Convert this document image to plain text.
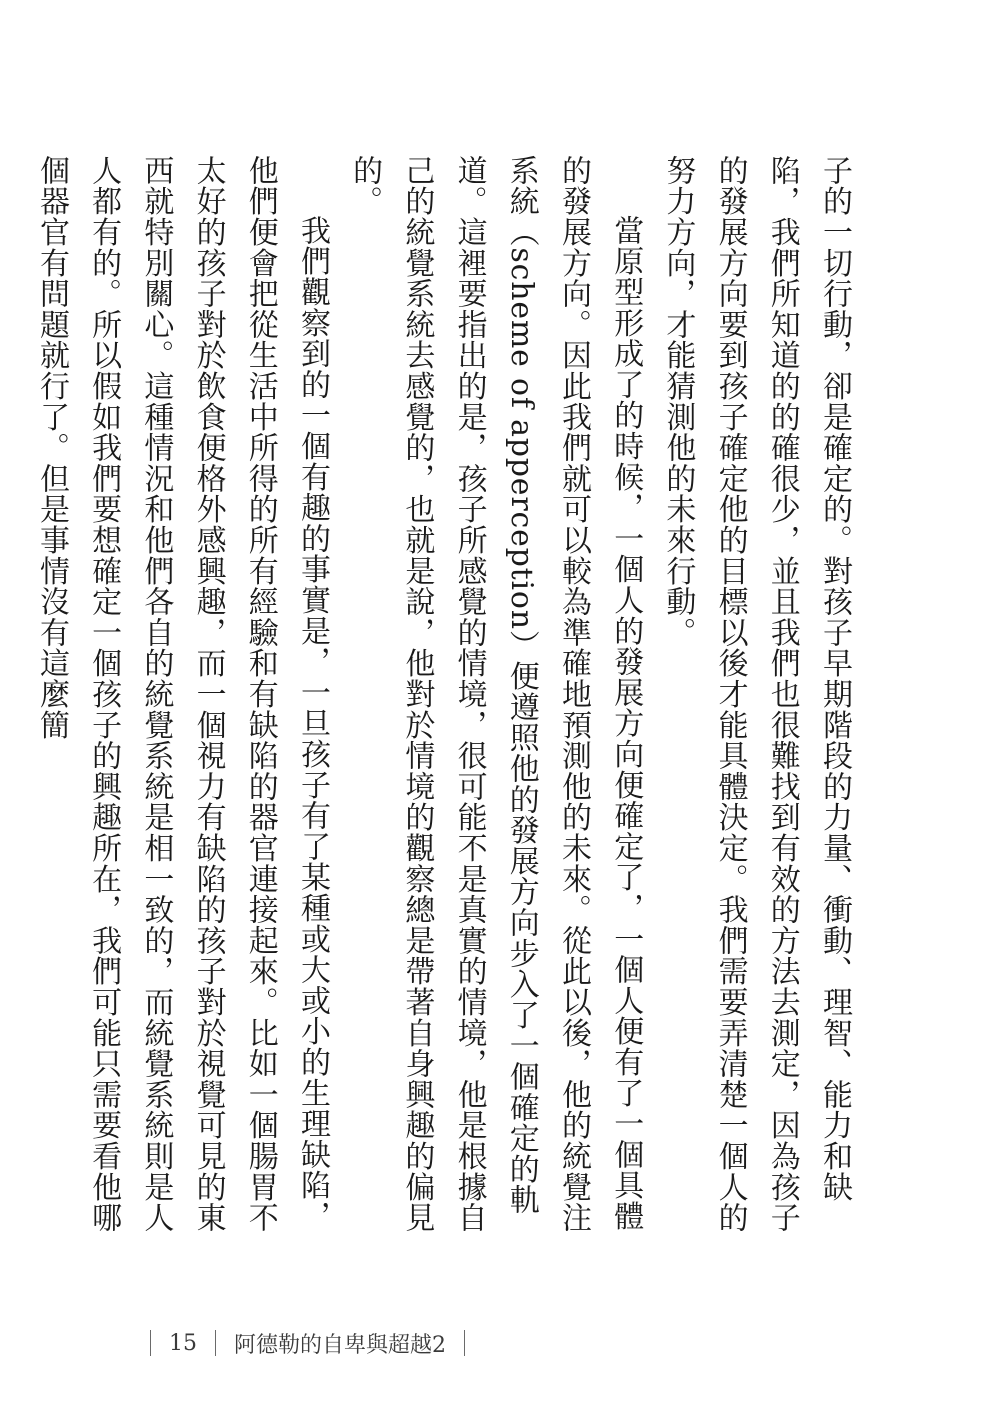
子的一切行動，卻是確定的。對孩子早期階段的力量、衝動、理智、能力和缺陷，我們所知道的的確很少，並且我們也很難找到有效的方法去測定，因為孩子的發展方向要到孩子確定他的目標以後才能具體決定。我們需要弄清楚一個人的努力方向，才能猜測他的未來行動。

當原型形成了的時候，一個人的發展方向便確定了，一個人便有了一個具體的發展方向。因此我們就可以較為準確地預測他的未來。從此以後，他的統覺注系統（scheme of apperception）便遵照他的發展方向步入了一個確定的軌道。這裡要指出的是，孩子所感覺的情境，很可能不是真實的情境，他是根據自己的統覺系統去感覺的，也就是說，他對於情境的觀察總是帶著自身興趣的偏見的。

我們觀察到的一個有趣的事實是，一旦孩子有了某種或大或小的生理缺陷，他們便會把從生活中所得的所有經驗和有缺陷的器官連接起來。比如一個腸胃不太好的孩子對於飲食便格外感興趣，而一個視力有缺陷的孩子對於視覺可見的東西就特別關心。這種情況和他們各自的統覺系統是相一致的，而統覺系統則是人人都有的。所以假如我們要想確定一個孩子的興趣所在，我們可能只需要看他哪個器官有問題就行了。但是事情沒有這麼簡

15 阿德勒的自卑與超越2
